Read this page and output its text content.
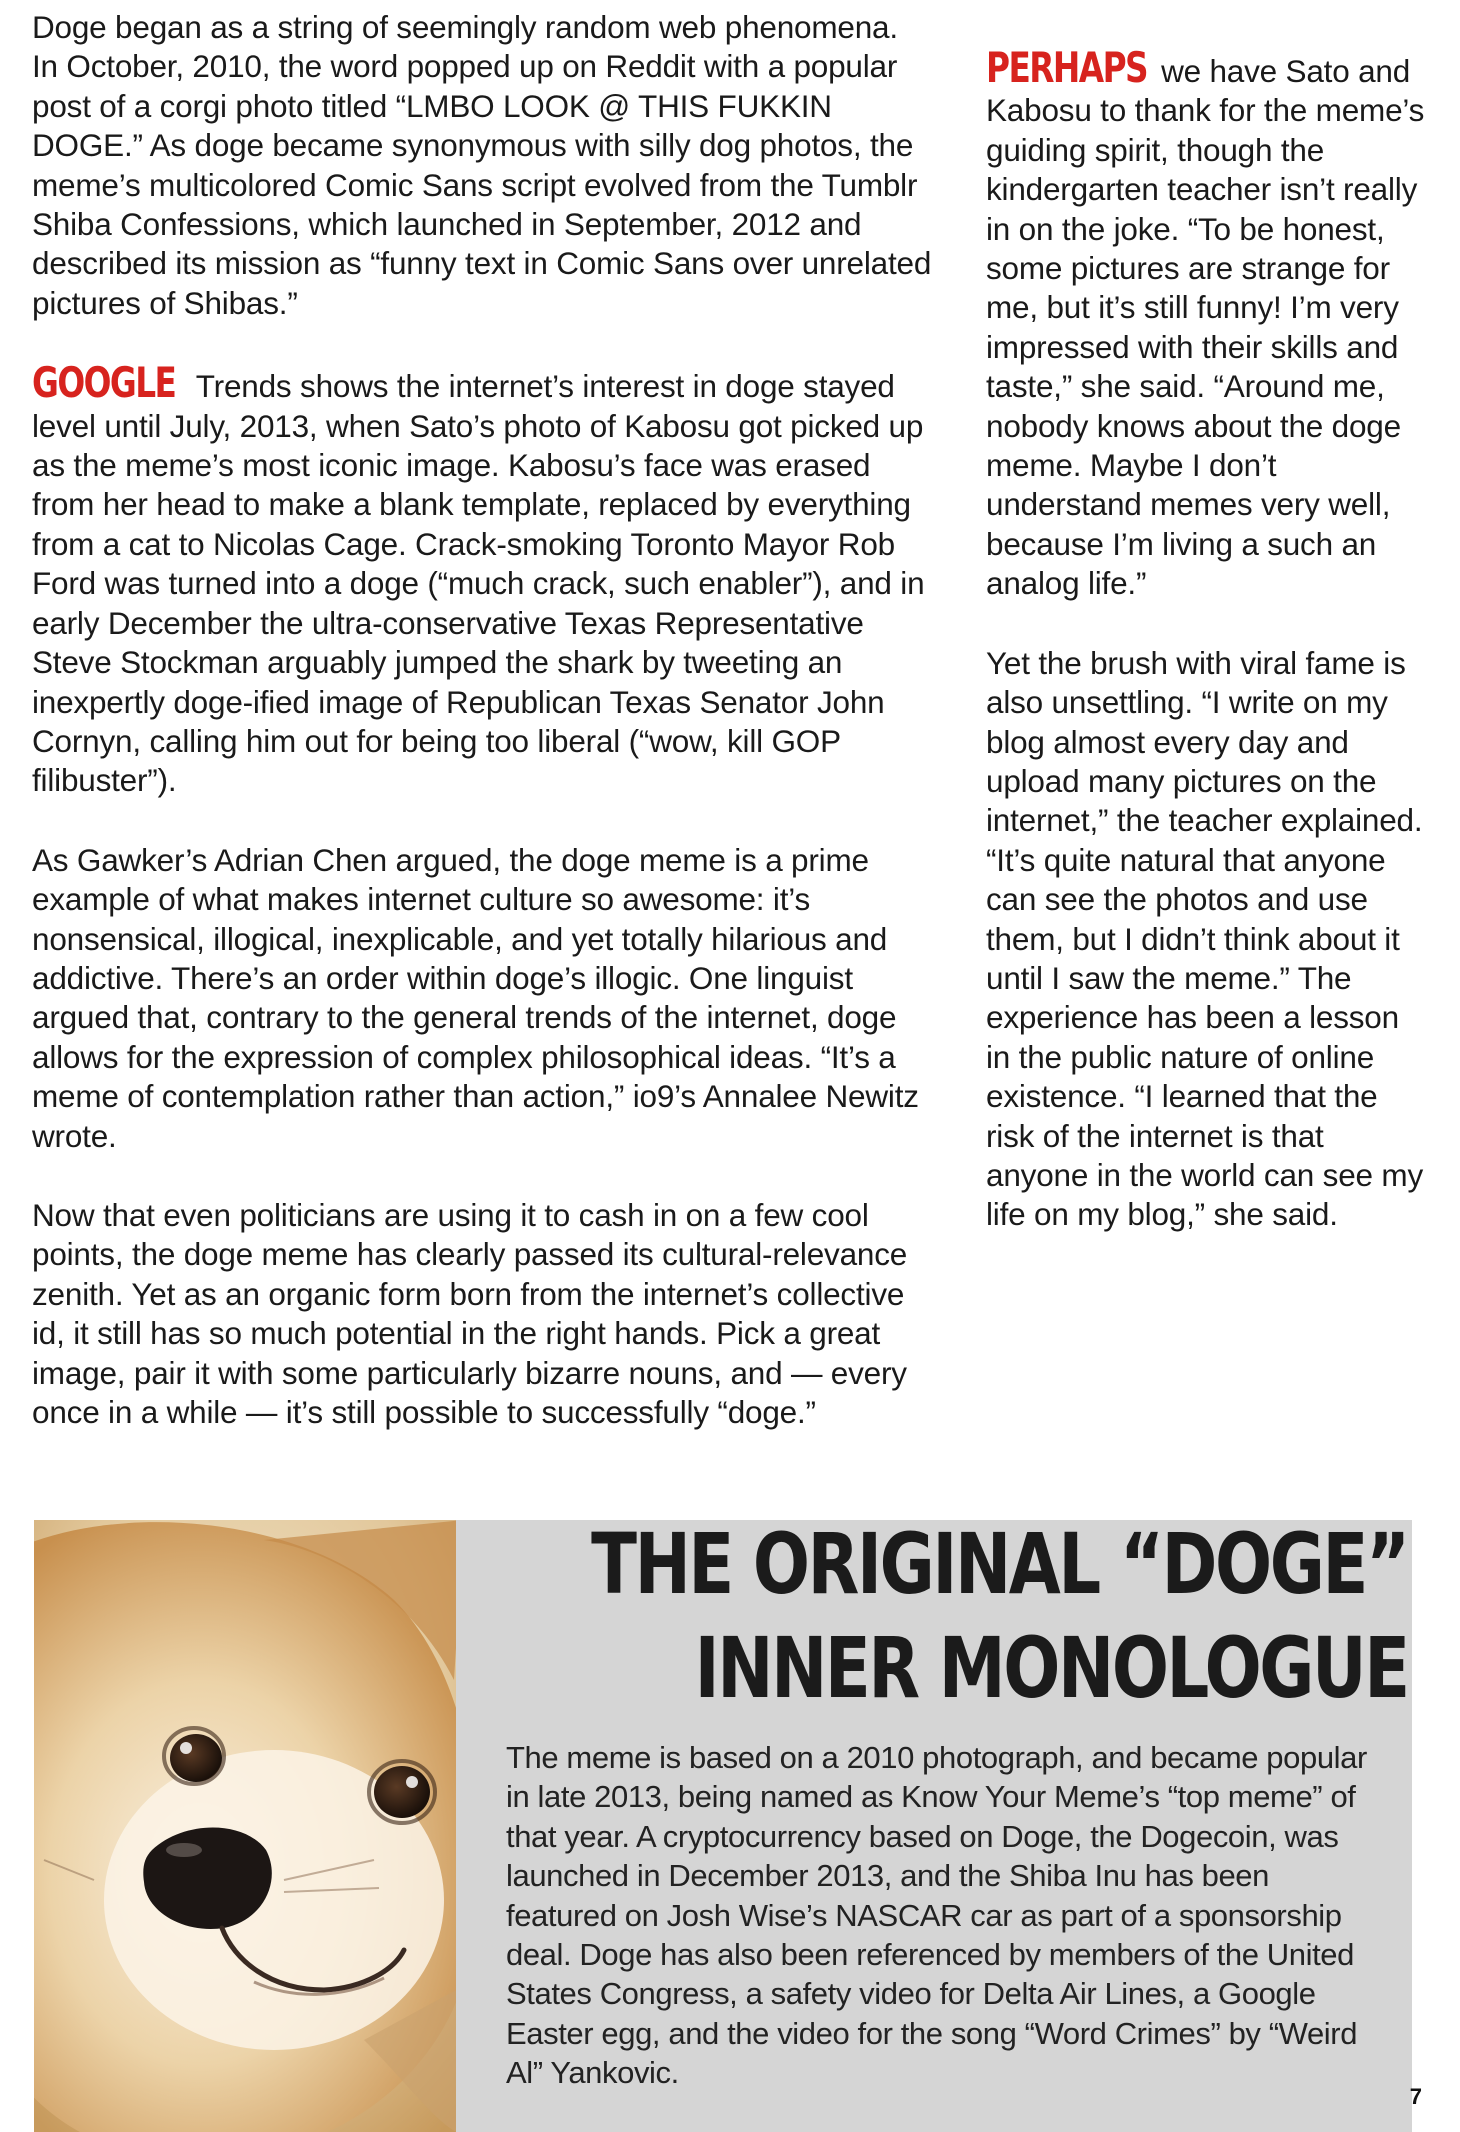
Doge began as a string of seemingly random web phenomena. In October, 2010, the word popped up on Reddit with a popular post of a corgi photo titled “LMBO LOOK @ THIS FUKKIN DOGE.” As doge became synonymous with silly dog photos, the meme’s multicolored Comic Sans script evolved from the Tumblr Shiba Confessions, which launched in September, 2012 and described its mission as “funny text in Comic Sans over unrelated pictures of Shibas.”

GOOGLE Trends shows the internet’s interest in doge stayed level until July, 2013, when Sato’s photo of Kabosu got picked up as the meme’s most iconic image. Kabosu’s face was erased from her head to make a blank template, replaced by everything from a cat to Nicolas Cage. Crack-smoking Toronto Mayor Rob Ford was turned into a doge (“much crack, such enabler”), and in early December the ultra-conservative Texas Representative Steve Stockman arguably jumped the shark by tweeting an inexpertly doge-ified image of Republican Texas Senator John Cornyn, calling him out for being too liberal (“wow, kill GOP filibuster”).

As Gawker’s Adrian Chen argued, the doge meme is a prime example of what makes internet culture so awesome: it’s nonsensical, illogical, inexplicable, and yet totally hilarious and addictive. There’s an order within doge’s illogic. One linguist argued that, contrary to the general trends of the internet, doge allows for the expression of complex philosophical ideas. “It’s a meme of contemplation rather than action,” io9’s Annalee Newitz wrote.

Now that even politicians are using it to cash in on a few cool points, the doge meme has clearly passed its cultural-relevance zenith. Yet as an organic form born from the internet’s collective id, it still has so much potential in the right hands. Pick a great image, pair it with some particularly bizarre nouns, and — every once in a while — it’s still possible to successfully “doge.”

PERHAPS we have Sato and Kabosu to thank for the meme’s guiding spirit, though the kindergarten teacher isn’t really in on the joke. “To be honest, some pictures are strange for me, but it’s still funny! I’m very impressed with their skills and taste,” she said. “Around me, nobody knows about the doge meme. Maybe I don’t understand memes very well, because I’m living a such an analog life.”

Yet the brush with viral fame is also unsettling. “I write on my blog almost every day and upload many pictures on the internet,” the teacher explained. “It’s quite natural that anyone can see the photos and use them, but I didn’t think about it until I saw the meme.” The experience has been a lesson in the public nature of online existence. “I learned that the risk of the internet is that anyone in the world can see my life on my blog,” she said.

THE ORIGINAL “DOGE”
INNER MONOLOGUE
The meme is based on a 2010 photograph, and became popular in late 2013, being named as Know Your Meme’s “top meme” of that year. A cryptocurrency based on Doge, the Dogecoin, was launched in December 2013, and the Shiba Inu has been featured on Josh Wise’s NASCAR car as part of a sponsorship deal. Doge has also been referenced by members of the United States Congress, a safety video for Delta Air Lines, a Google Easter egg, and the video for the song “Word Crimes” by “Weird Al” Yankovic.
7
